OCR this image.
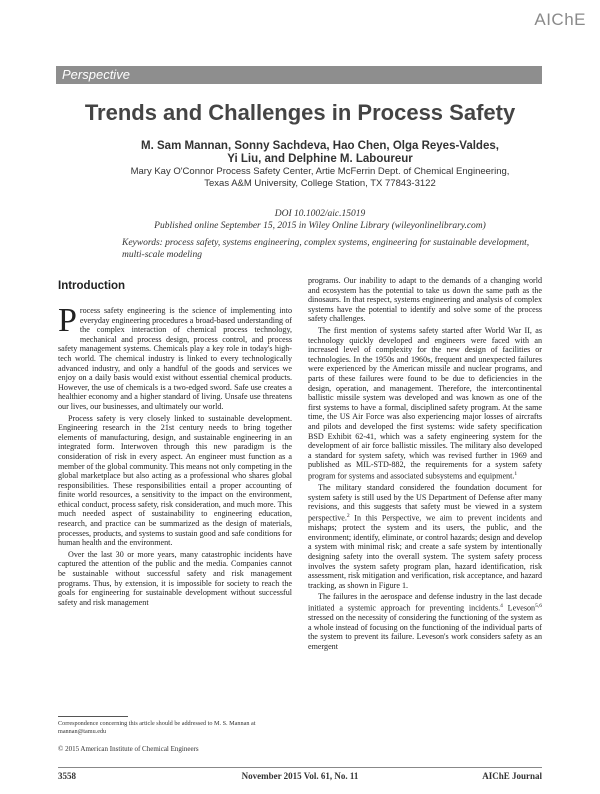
AIChE
Perspective
Trends and Challenges in Process Safety
M. Sam Mannan, Sonny Sachdeva, Hao Chen, Olga Reyes-Valdes,
Yi Liu, and Delphine M. Laboureur
Mary Kay O'Connor Process Safety Center, Artie McFerrin Dept. of Chemical Engineering,
Texas A&M University, College Station, TX 77843-3122
DOI 10.1002/aic.15019
Published online September 15, 2015 in Wiley Online Library (wileyonlinelibrary.com)
Keywords: process safety, systems engineering, complex systems, engineering for sustainable development, multi-scale modeling
Introduction

Process safety engineering is the science of implementing into everyday engineering procedures a broad-based understanding of the complex interaction of chemical process technology, mechanical and process design, process control, and process safety management systems. Chemicals play a key role in today's high-tech world. The chemical industry is linked to every technologically advanced industry, and only a handful of the goods and services we enjoy on a daily basis would exist without essential chemical products. However, the use of chemicals is a two-edged sword. Safe use creates a healthier economy and a higher standard of living. Unsafe use threatens our lives, our businesses, and ultimately our world.

Process safety is very closely linked to sustainable development. Engineering research in the 21st century needs to bring together elements of manufacturing, design, and sustainable engineering in an integrated form. Interwoven through this new paradigm is the consideration of risk in every aspect. An engineer must function as a member of the global community. This means not only competing in the global marketplace but also acting as a professional who shares global responsibilities. These responsibilities entail a proper accounting of finite world resources, a sensitivity to the impact on the environment, ethical conduct, process safety, risk consideration, and much more. This much needed aspect of sustainability to engineering education, research, and practice can be summarized as the design of materials, processes, products, and systems to sustain good and safe conditions for human health and the environment.

Over the last 30 or more years, many catastrophic incidents have captured the attention of the public and the media. Companies cannot be sustainable without successful safety and risk management programs. Thus, by extension, it is impossible for society to reach the goals for engineering for sustainable development without successful safety and risk management

programs. Our inability to adapt to the demands of a changing world and ecosystem has the potential to take us down the same path as the dinosaurs. In that respect, systems engineering and analysis of complex systems have the potential to identify and solve some of the process safety challenges.

The first mention of systems safety started after World War II, as technology quickly developed and engineers were faced with an increased level of complexity for the new design of facilities or technologies. In the 1950s and 1960s, frequent and unexpected failures were experienced by the American missile and nuclear programs, and parts of these failures were found to be due to deficiencies in the design, operation, and management. Therefore, the intercontinental ballistic missile system was developed and was known as one of the first systems to have a formal, disciplined safety program. At the same time, the US Air Force was also experiencing major losses of aircrafts and pilots and developed the first systems: wide safety specification BSD Exhibit 62-41, which was a safety engineering system for the development of air force ballistic missiles. The military also developed a standard for system safety, which was revised further in 1969 and published as MIL-STD-882, the requirements for a system safety program for systems and associated subsystems and equipment.$^1$

The military standard considered the foundation document for system safety is still used by the US Department of Defense after many revisions, and this suggests that safety must be viewed in a system perspective.$^2$ In this Perspective, we aim to prevent incidents and mishaps; protect the system and its users, the public, and the environment; identify, eliminate, or control hazards; design and develop a system with minimal risk; and create a safe system by intentionally designing safety into the overall system. The system safety process involves the system safety program plan, hazard identification, risk assessment, risk mitigation and verification, risk acceptance, and hazard tracking, as shown in Figure 1.

The failures in the aerospace and defense industry in the last decade initiated a systemic approach for preventing incidents.$^4$ Leveson$^{5,6}$ stressed on the necessity of considering the functioning of the system as a whole instead of focusing on the functioning of the individual parts of the system to prevent its failure. Leveson's work considers safety as an emergent

Correspondence concerning this article should be addressed to M. S. Mannan at mannan@tamu.edu
© 2015 American Institute of Chemical Engineers
3558	November 2015 Vol. 61, No. 11	AIChE Journal
